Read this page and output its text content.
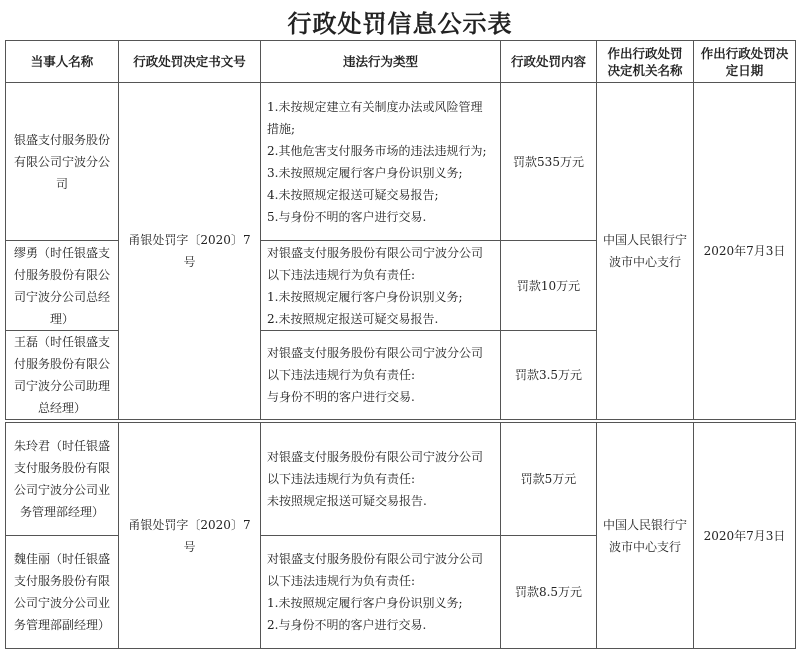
行政处罚信息公示表
当事人名称	行政处罚决定书文号	违法行为类型	行政处罚内容	作出行政处罚决定机关名称	作出行政处罚决定日期
银盛支付服务股份有限公司宁波分公司	甬银处罚字〔2020〕7号	1.未按规定建立有关制度办法或风险管理措施;
2.其他危害支付服务市场的违法违规行为;
3.未按照规定履行客户身份识别义务;
4.未按照规定报送可疑交易报告;
5.与身份不明的客户进行交易.	罚款535万元	中国人民银行宁波市中心支行	2020年7月3日
缪勇（时任银盛支付服务股份有限公司宁波分公司总经理）		对银盛支付服务股份有限公司宁波分公司以下违法违规行为负有责任:
1.未按照规定履行客户身份识别义务;
2.未按照规定报送可疑交易报告.	罚款10万元		
王磊（时任银盛支付服务股份有限公司宁波分公司助理总经理）		对银盛支付服务股份有限公司宁波分公司以下违法违规行为负有责任:
与身份不明的客户进行交易.	罚款3.5万元		
朱玲君（时任银盛支付服务股份有限公司宁波分公司业务管理部经理）	甬银处罚字〔2020〕7号	对银盛支付服务股份有限公司宁波分公司以下违法违规行为负有责任:
未按照规定报送可疑交易报告.	罚款5万元	中国人民银行宁波市中心支行	2020年7月3日
魏佳丽（时任银盛支付服务股份有限公司宁波分公司业务管理部副经理）		对银盛支付服务股份有限公司宁波分公司以下违法违规行为负有责任:
1.未按照规定履行客户身份识别义务;
2.与身份不明的客户进行交易.	罚款8.5万元		
